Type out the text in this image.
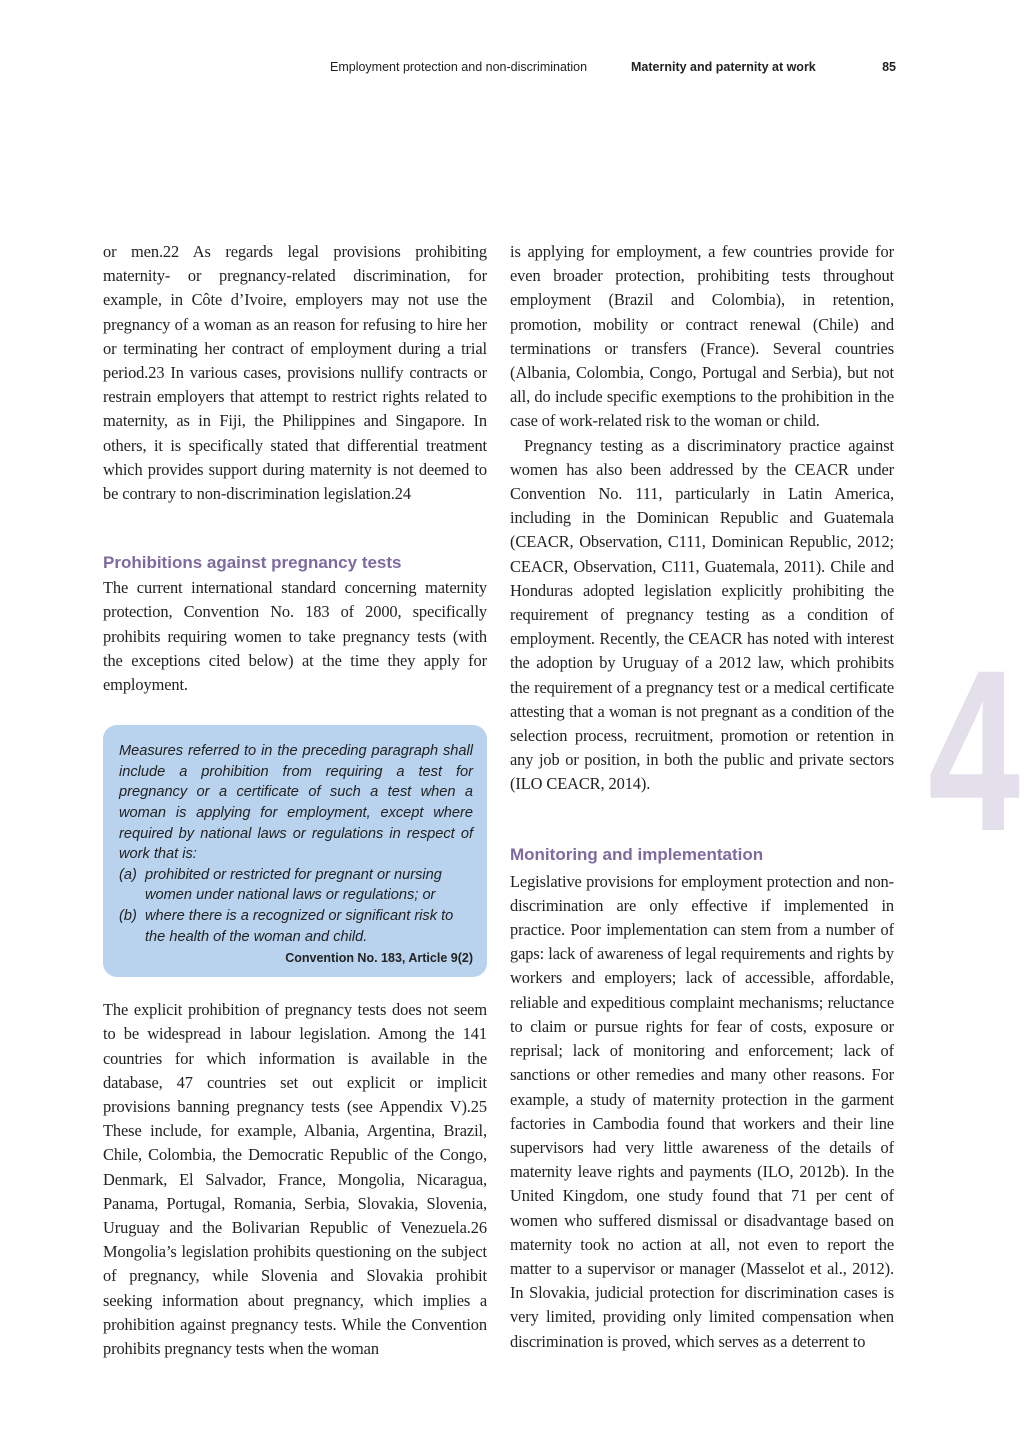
Employment protection and non-discrimination	Maternity and paternity at work	85

or men.22 As regards legal provisions prohibiting maternity- or pregnancy-related discrimination, for example, in Côte d’Ivoire, employers may not use the pregnancy of a woman as an reason for refusing to hire her or terminating her contract of employment during a trial period.23 In various cases, provisions nullify contracts or restrain employers that attempt to restrict rights related to maternity, as in Fiji, the Philippines and Singapore. In others, it is specifically stated that differential treatment which provides support during maternity is not deemed to be contrary to non-discrimination legislation.24

Prohibitions against pregnancy tests

The current international standard concerning maternity protection, Convention No. 183 of 2000, specifically prohibits requiring women to take pregnancy tests (with the exceptions cited below) at the time they apply for employment.

Measures referred to in the preceding paragraph shall include a prohibition from requiring a test for pregnancy or a certificate of such a test when a woman is applying for employment, except where required by national laws or regulations in respect of work that is:
(a) prohibited or restricted for pregnant or nursing women under national laws or regulations; or
(b) where there is a recognized or significant risk to the health of the woman and child.
Convention No. 183, Article 9(2)

The explicit prohibition of pregnancy tests does not seem to be widespread in labour legislation. Among the 141 countries for which information is available in the database, 47 countries set out explicit or implicit provisions banning pregnancy tests (see Appendix V).25 These include, for example, Albania, Argentina, Brazil, Chile, Colombia, the Democratic Republic of the Congo, Denmark, El Salvador, France, Mongolia, Nicaragua, Panama, Portugal, Romania, Serbia, Slovakia, Slovenia, Uruguay and the Bolivarian Republic of Venezuela.26 Mongolia’s legislation prohibits questioning on the subject of pregnancy, while Slovenia and Slovakia prohibit seeking information about pregnancy, which implies a prohibition against pregnancy tests. While the Convention prohibits pregnancy tests when the woman

is applying for employment, a few countries provide for even broader protection, prohibiting tests throughout employment (Brazil and Colombia), in retention, promotion, mobility or contract renewal (Chile) and terminations or transfers (France). Several countries (Albania, Colombia, Congo, Portugal and Serbia), but not all, do include specific exemptions to the prohibition in the case of work-related risk to the woman or child.

Pregnancy testing as a discriminatory practice against women has also been addressed by the CEACR under Convention No. 111, particularly in Latin America, including in the Dominican Republic and Guatemala (CEACR, Observation, C111, Dominican Republic, 2012; CEACR, Observation, C111, Guatemala, 2011). Chile and Honduras adopted legislation explicitly prohibiting the requirement of pregnancy testing as a condition of employment. Recently, the CEACR has noted with interest the adoption by Uruguay of a 2012 law, which prohibits the requirement of a pregnancy test or a medical certificate attesting that a woman is not pregnant as a condition of the selection process, recruitment, promotion or retention in any job or position, in both the public and private sectors (ILO CEACR, 2014).

Monitoring and implementation

Legislative provisions for employment protection and non-discrimination are only effective if implemented in practice. Poor implementation can stem from a number of gaps: lack of awareness of legal requirements and rights by workers and employers; lack of accessible, affordable, reliable and expeditious complaint mechanisms; reluctance to claim or pursue rights for fear of costs, exposure or reprisal; lack of monitoring and enforcement; lack of sanctions or other remedies and many other reasons. For example, a study of maternity protection in the garment factories in Cambodia found that workers and their line supervisors had very little awareness of the details of maternity leave rights and payments (ILO, 2012b). In the United Kingdom, one study found that 71 per cent of women who suffered dismissal or disadvantage based on maternity took no action at all, not even to report the matter to a supervisor or manager (Masselot et al., 2012). In Slovakia, judicial protection for discrimination cases is very limited, providing only limited compensation when discrimination is proved, which serves as a deterrent to

4
